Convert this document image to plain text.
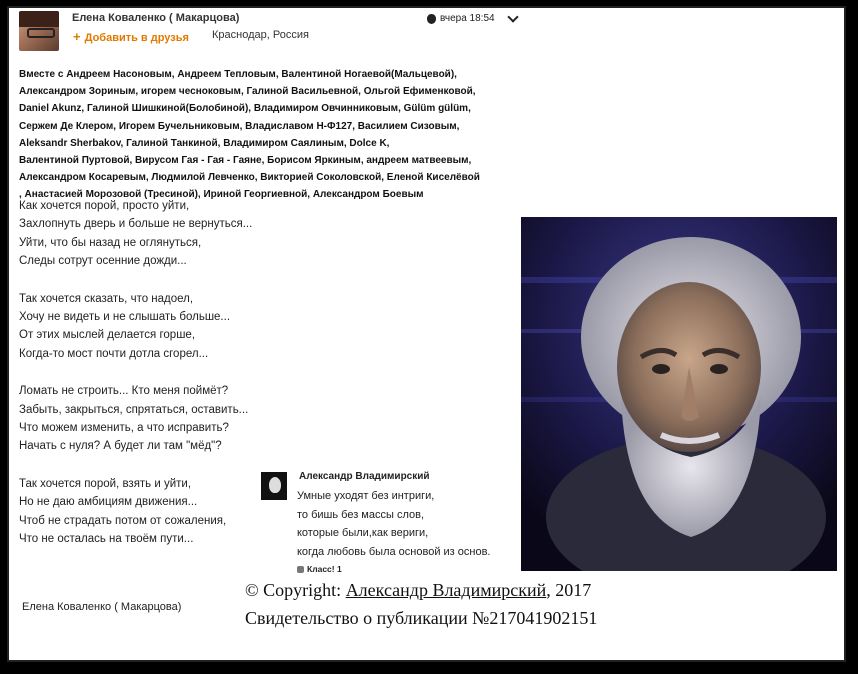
Елена Коваленко ( Макарцова)
+ Добавить в друзья Краснодар, Россия
вчера 18:54
Вместе с Андреем Насоновым, Андреем Тепловым, Валентиной Ногаевой(Мальцевой),
Александром Зориным, игорем чесноковым, Галиной Васильевной, Ольгой Ефименковой,
Daniel Akunz, Галиной Шишкиной(Болобиной), Владимиром Овчинниковым, Gülüm gülüm,
Сержем Де Клером, Игорем Бучельниковым, Владиславом Н-Ф127, Василием Сизовым,
Aleksandr Sherbakov, Галиной Танкиной, Владимиром Саялиным, Dolce K,
Валентиной Пуртовой, Вирусом Гая - Гая - Гаяне, Борисом Яркиным, андреем матвеевым,
Александром Косаревым, Людмилой Левченко, Викторией Соколовской, Еленой Киселёвой
, Анастасией Морозовой (Тресиной), Ириной Георгиевной, Александром Боевым
Как хочется порой, просто уйти,
Захлопнуть дверь и больше не вернуться...
Уйти, что бы назад не оглянуться,
Следы сотрут осенние дожди...
Так хочется сказать, что надоел,
Хочу не видеть и не слышать больше...
От этих мыслей делается горше,
Когда-то мост почти дотла сгорел...
Ломать не строить... Кто меня поймёт?
Забыть, закрыться, спрятаться, оставить...
Что можем изменить, а что исправить?
Начать с нуля? А будет ли там "мёд"?
Так хочется порой, взять и уйти,
Но не даю амбициям движения...
Чтоб не страдать потом от сожаления,
Что не осталась на твоём пути...
Александр Владимирский
Умные уходят без интриги,
то бишь без массы слов,
которые были,как вериги,
когда любовь была основой из основ.
Класс! 1
© Copyright: Александр Владимирский, 2017
Свидетельство о публикации №217041902151
Елена Коваленко ( Макарцова)
